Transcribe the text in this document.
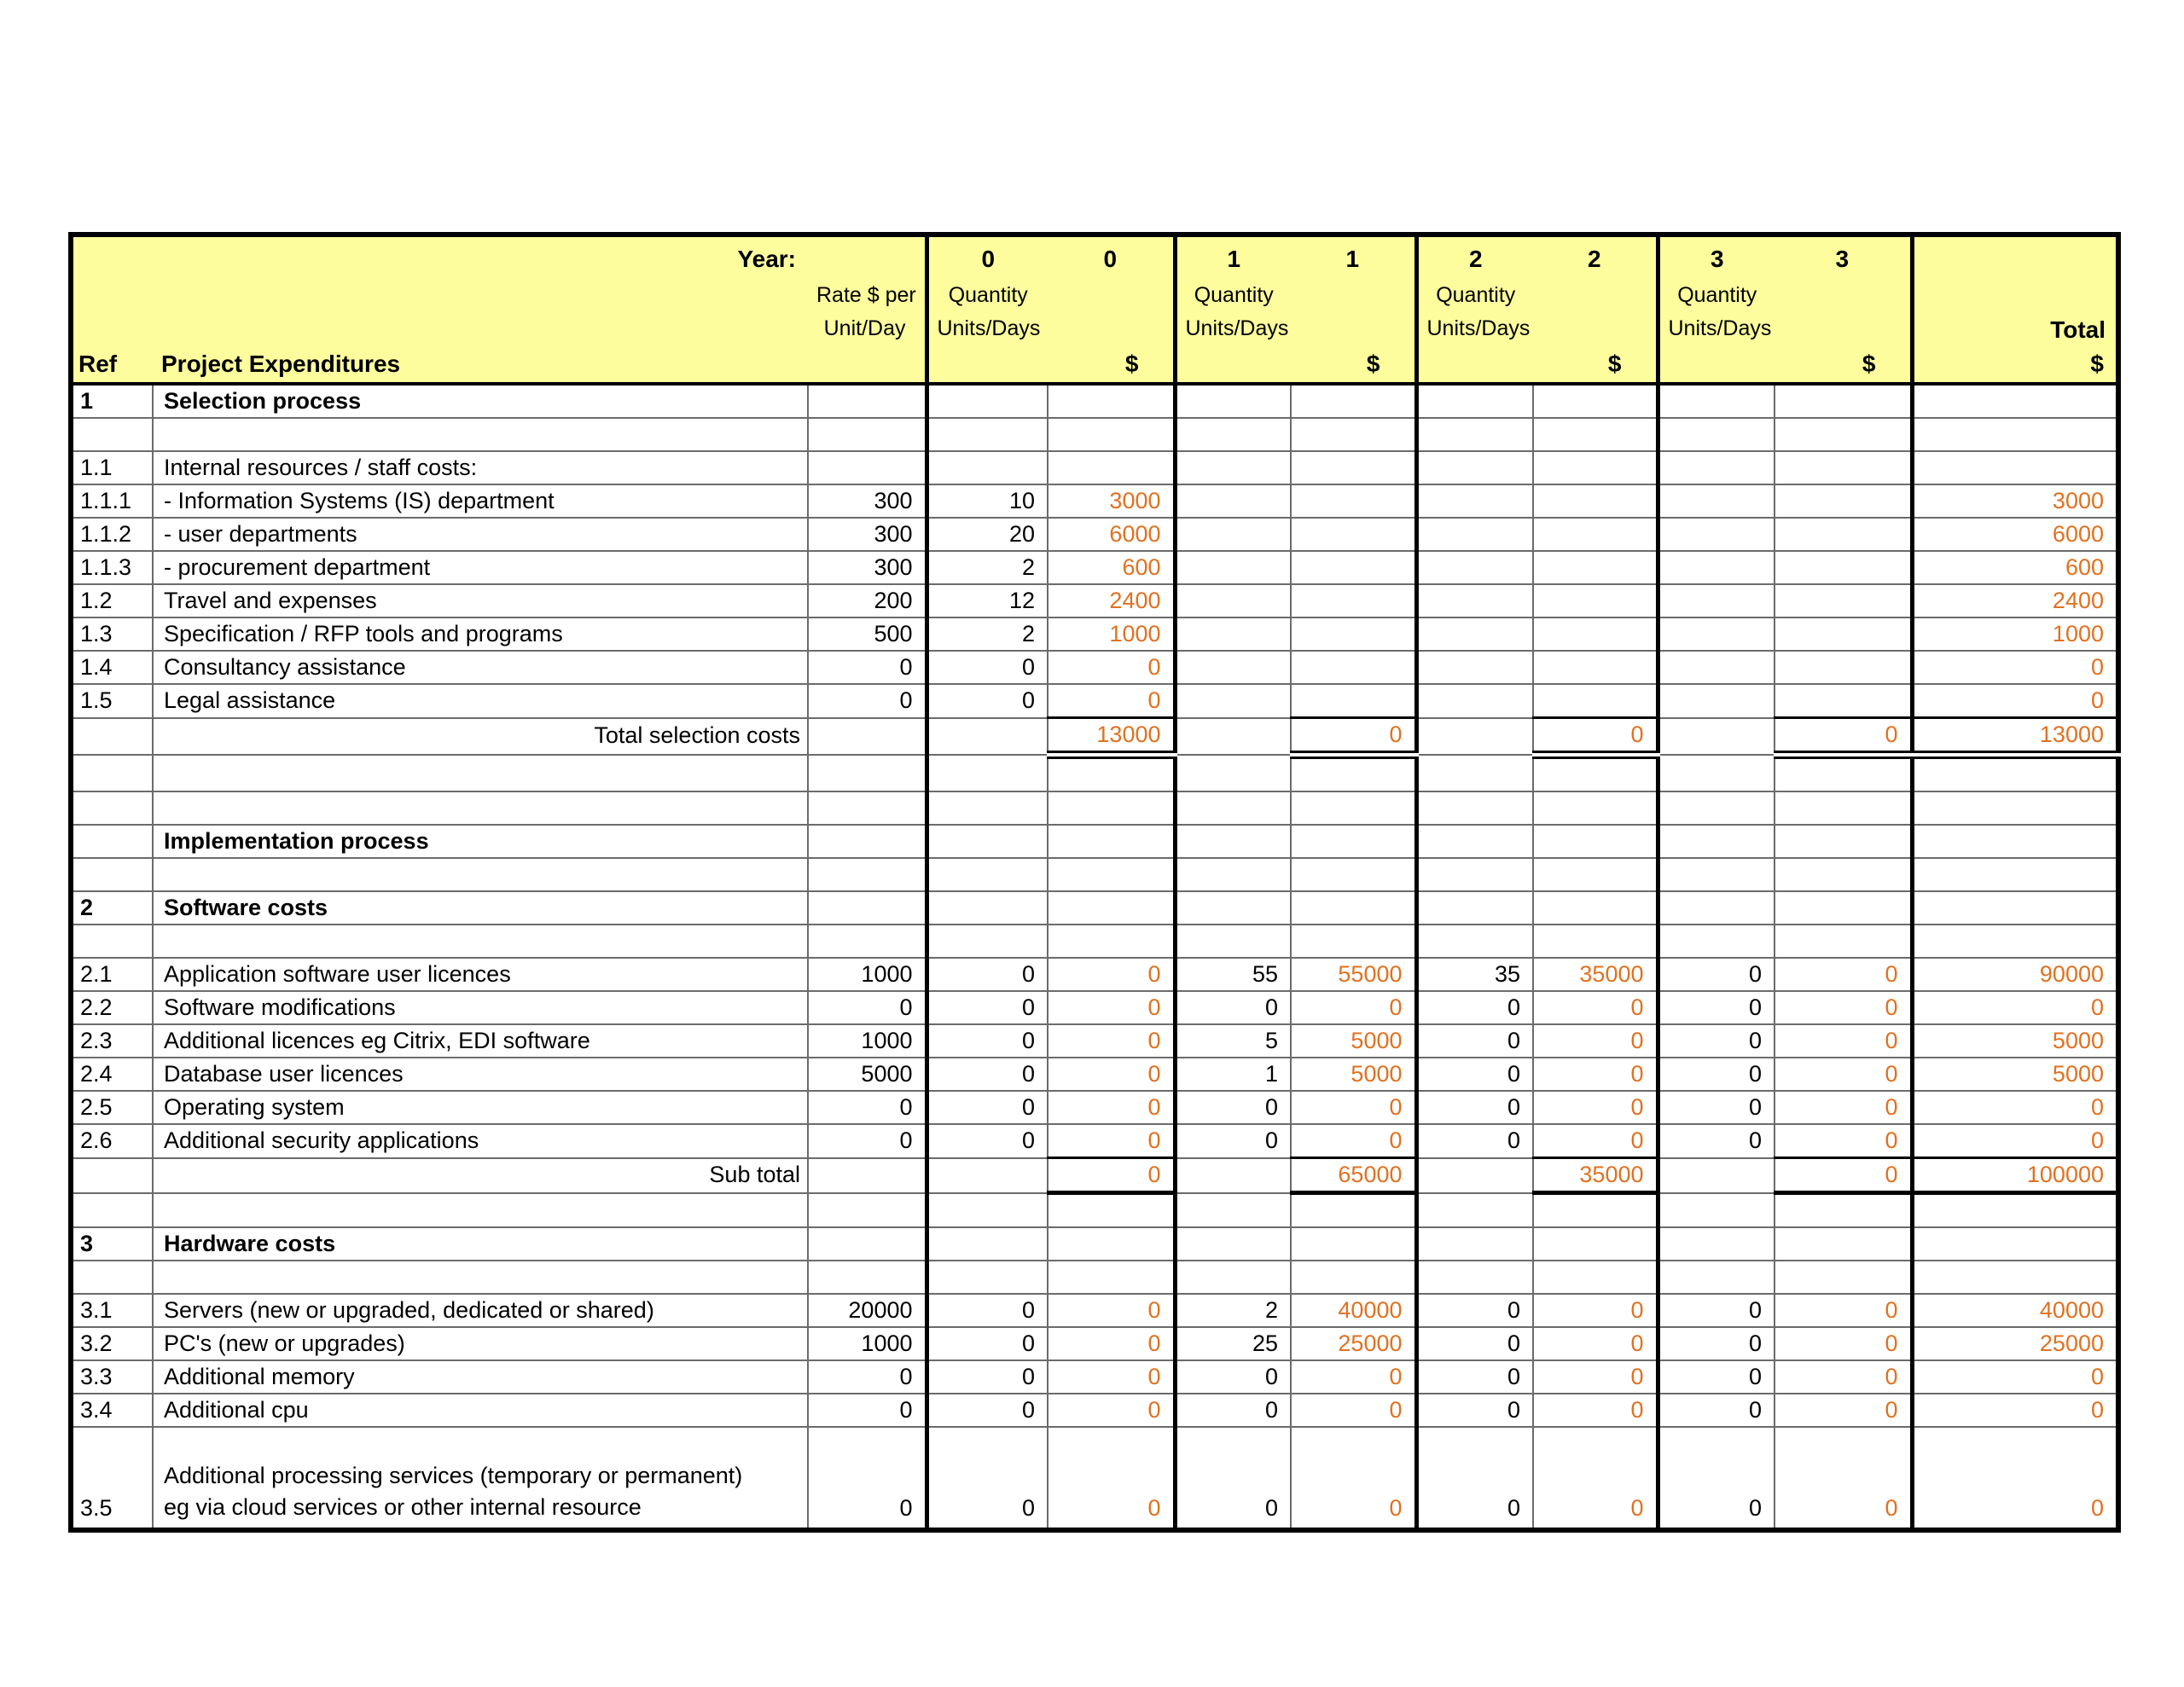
Year:			0	0	1	1	2	2	3	3	
		Rate $ per	Quantity		Quantity		Quantity		Quantity		
		Unit/Day	Units/Days		Units/Days		Units/Days		Units/Days		Total
Ref	Project Expenditures			$		$		$		$	$
1	Selection process										

1.1	Internal resources / staff costs:										
1.1.1	- Information Systems (IS) department	300	10	3000							3000
1.1.2	- user departments	300	20	6000							6000
1.1.3	- procurement department	300	2	600							600
1.2	Travel and expenses	200	12	2400							2400
1.3	Specification / RFP tools and programs	500	2	1000							1000
1.4	Consultancy assistance	0	0	0							0
1.5	Legal assistance	0	0	0							0
	Total selection costs			13000		0		0		0	13000

	Implementation process										

2	Software costs										

2.1	Application software user licences	1000	0	0	55	55000	35	35000	0	0	90000
2.2	Software modifications	0	0	0	0	0	0	0	0	0	0
2.3	Additional licences eg Citrix, EDI software	1000	0	0	5	5000	0	0	0	0	5000
2.4	Database user licences	5000	0	0	1	5000	0	0	0	0	5000
2.5	Operating system	0	0	0	0	0	0	0	0	0	0
2.6	Additional security applications	0	0	0	0	0	0	0	0	0	0
	Sub total			0		65000		35000		0	100000

3	Hardware costs										

3.1	Servers (new or upgraded, dedicated or shared)	20000	0	0	2	40000	0	0	0	0	40000
3.2	PC's (new or upgrades)	1000	0	0	25	25000	0	0	0	0	25000
3.3	Additional memory	0	0	0	0	0	0	0	0	0	0
3.4	Additional cpu	0	0	0	0	0	0	0	0	0	0
3.5	Additional processing services (temporary or permanent)
eg via cloud services or other internal resource	0	0	0	0	0	0	0	0	0	0
